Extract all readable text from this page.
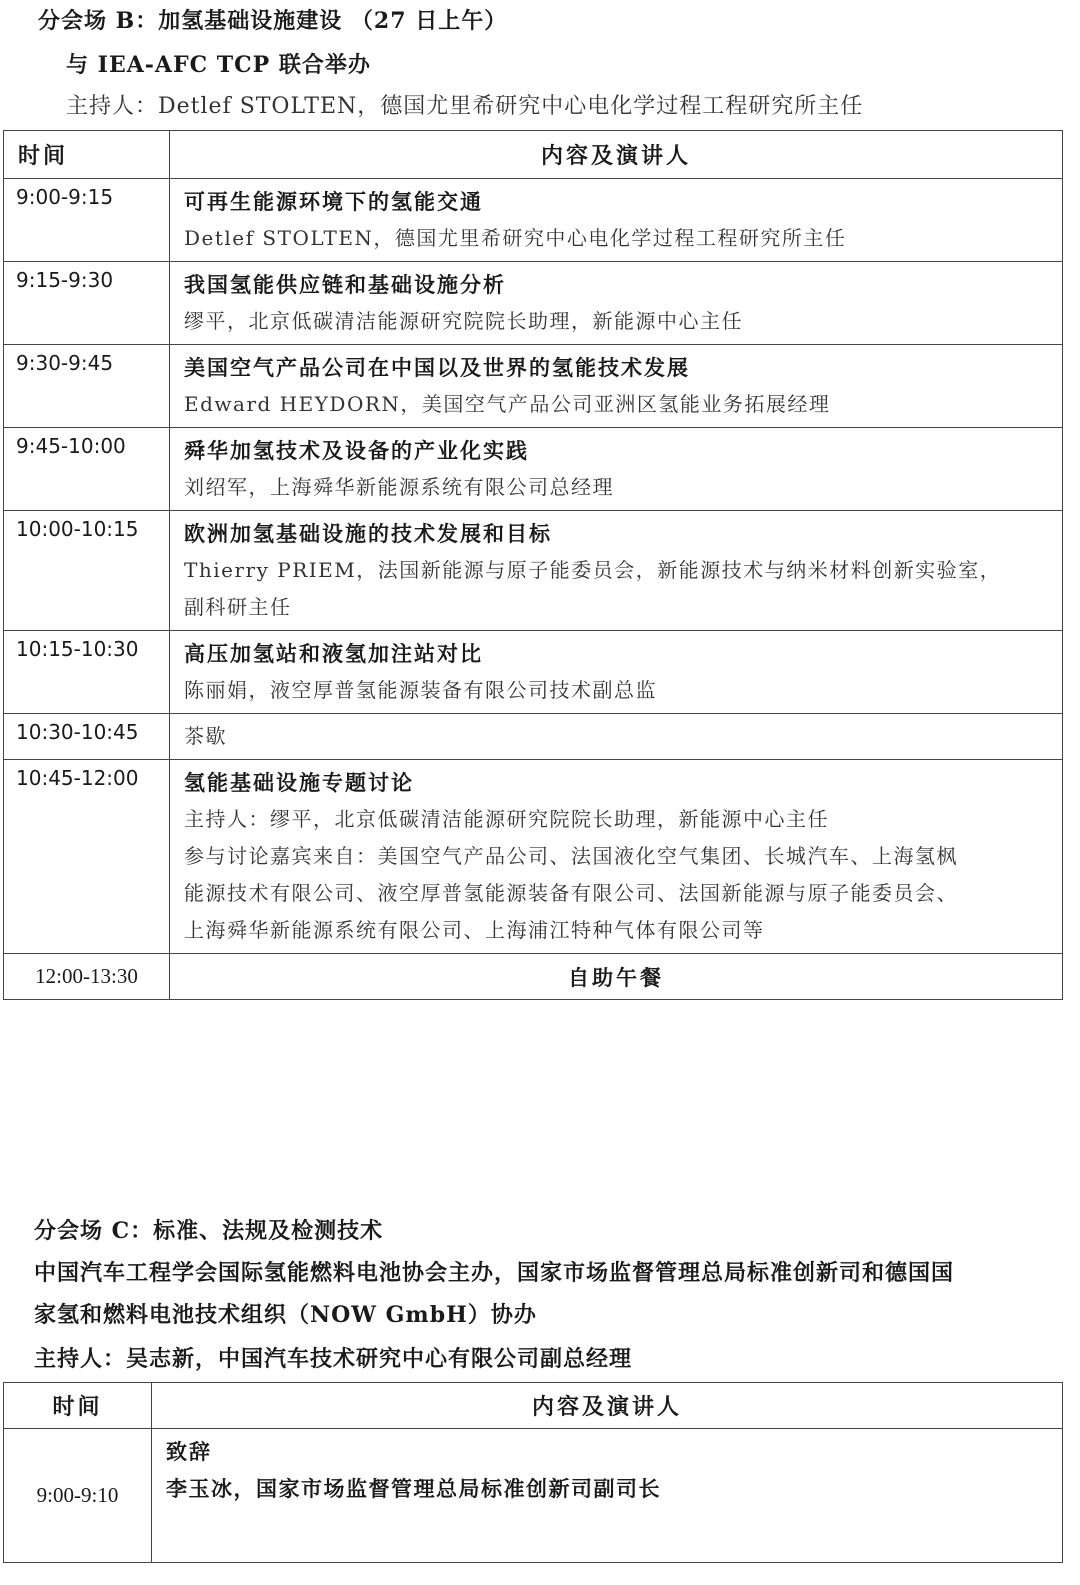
分会场 B：加氢基础设施建设 （27 日上午）
与 IEA-AFC TCP 联合举办
主持人：Detlef STOLTEN，德国尤里希研究中心电化学过程工程研究所主任
时间	内容及演讲人
9:00-9:15	可再生能源环境下的氢能交通
Detlef STOLTEN，德国尤里希研究中心电化学过程工程研究所主任

9:15-9:30	我国氢能供应链和基础设施分析
缪平，北京低碳清洁能源研究院院长助理，新能源中心主任

9:30-9:45	美国空气产品公司在中国以及世界的氢能技术发展
Edward HEYDORN，美国空气产品公司亚洲区氢能业务拓展经理

9:45-10:00	舜华加氢技术及设备的产业化实践
刘绍军，上海舜华新能源系统有限公司总经理

10:00-10:15	欧洲加氢基础设施的技术发展和目标
Thierry PRIEM，法国新能源与原子能委员会，新能源技术与纳米材料创新实验室，
副科研主任

10:15-10:30	高压加氢站和液氢加注站对比
陈丽娟，液空厚普氢能源装备有限公司技术副总监

10:30-10:45	茶歇

10:45-12:00	氢能基础设施专题讨论
主持人：缪平，北京低碳清洁能源研究院院长助理，新能源中心主任
参与讨论嘉宾来自：美国空气产品公司、法国液化空气集团、长城汽车、上海氢枫
能源技术有限公司、液空厚普氢能源装备有限公司、法国新能源与原子能委员会、
上海舜华新能源系统有限公司、上海浦江特种气体有限公司等

12:00-13:30	自助午餐
分会场 C：标准、法规及检测技术
中国汽车工程学会国际氢能燃料电池协会主办，国家市场监督管理总局标准创新司和德国国
家氢和燃料电池技术组织（NOW GmbH）协办
主持人：吴志新，中国汽车技术研究中心有限公司副总经理
时间	内容及演讲人
9:00-9:10	致辞
李玉冰，国家市场监督管理总局标准创新司副司长
